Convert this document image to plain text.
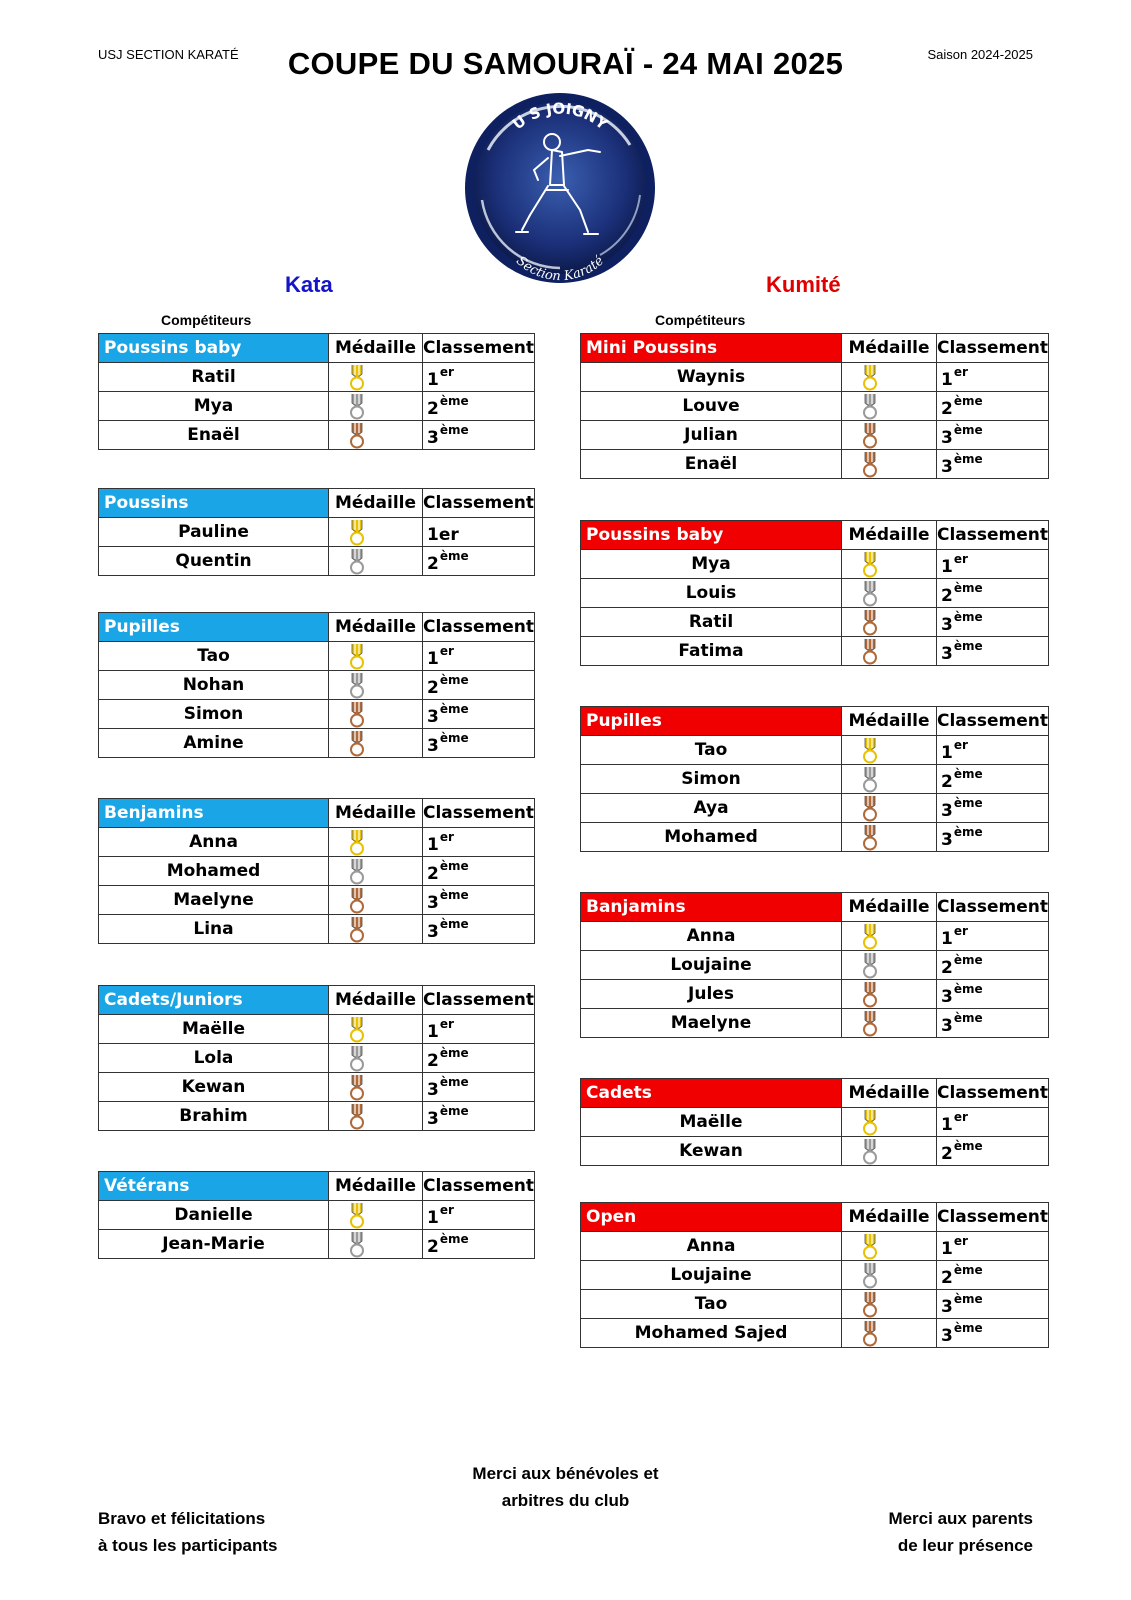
USJ SECTION KARATÉ	COUPE DU SAMOURAÏ - 24 MAI 2025	Saison 2024-2025
U S JOIGNY
Section Karaté
Kata	Kumité
Compétiteurs	Compétiteurs
Poussins baby	Médaille	Classement
Ratil		1er
Mya		2ème
Enaël		3ème
Poussins	Médaille	Classement
Pauline		1er
Quentin		2ème
Pupilles	Médaille	Classement
Tao		1er
Nohan		2ème
Simon		3ème
Amine		3ème
Benjamins	Médaille	Classement
Anna		1er
Mohamed		2ème
Maelyne		3ème
Lina		3ème
Cadets/Juniors	Médaille	Classement
Maëlle		1er
Lola		2ème
Kewan		3ème
Brahim		3ème
Vétérans	Médaille	Classement
Danielle		1er
Jean-Marie		2ème
Mini Poussins	Médaille	Classement
Waynis		1er
Louve		2ème
Julian		3ème
Enaël		3ème
Poussins baby	Médaille	Classement
Mya		1er
Louis		2ème
Ratil		3ème
Fatima		3ème
Pupilles	Médaille	Classement
Tao		1er
Simon		2ème
Aya		3ème
Mohamed		3ème
Banjamins	Médaille	Classement
Anna		1er
Loujaine		2ème
Jules		3ème
Maelyne		3ème
Cadets	Médaille	Classement
Maëlle		1er
Kewan		2ème
Open	Médaille	Classement
Anna		1er
Loujaine		2ème
Tao		3ème
Mohamed Sajed		3ème
Bravo et félicitations
à tous les participants
Merci aux bénévoles et
arbitres du club
Merci aux parents
de leur présence
